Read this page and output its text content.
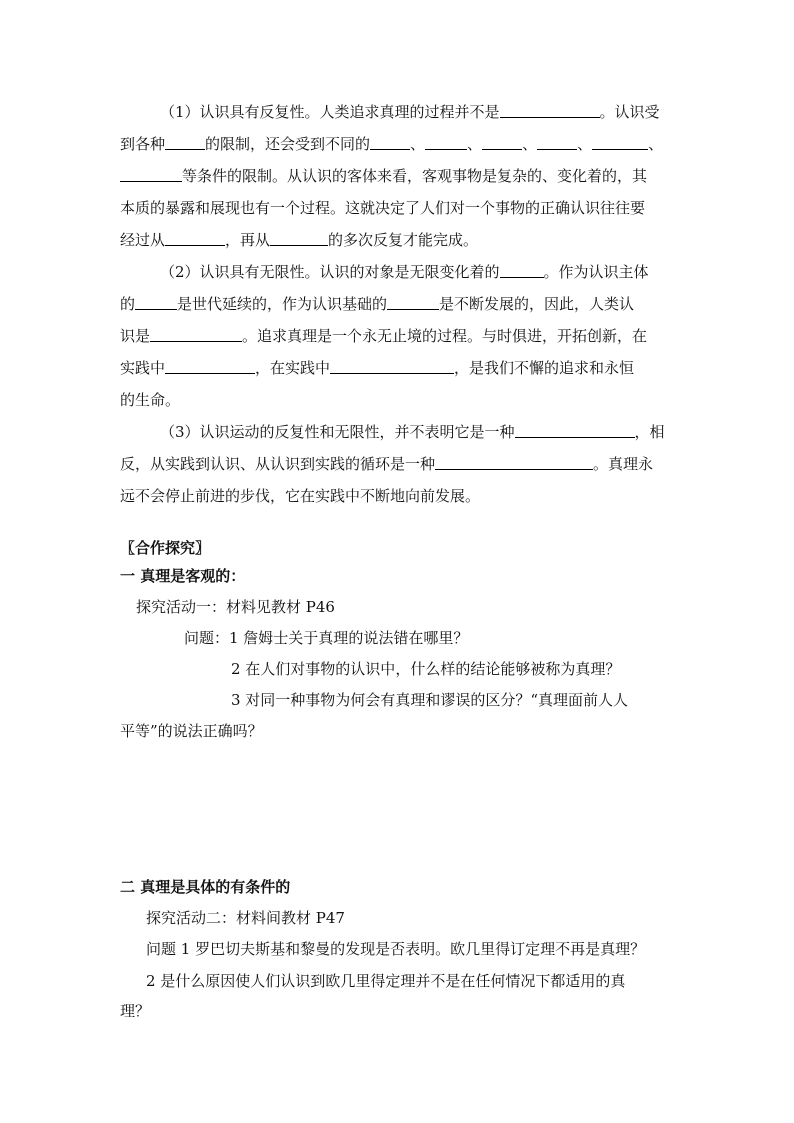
（1）认识具有反复性。人类追求真理的过程并不是	。认识受
到各种	的限制，还会受到不同的	、	、	、	、	、
等条件的限制。从认识的客体来看，客观事物是复杂的、变化着的，其
本质的暴露和展现也有一个过程。这就决定了人们对一个事物的正确认识往往要
经过从	，再从	的多次反复才能完成。
（2）认识具有无限性。认识的对象是无限变化着的	。作为认识主体
的	是世代延续的，作为认识基础的	是不断发展的，因此，人类认
识是	。追求真理是一个永无止境的过程。与时俱进，开拓创新，在
实践中	，在实践中	，是我们不懈的追求和永恒
的生命。
（3）认识运动的反复性和无限性，并不表明它是一种	，相
反，从实践到认识、从认识到实践的循环是一种	。真理永
远不会停止前进的步伐，它在实践中不断地向前发展。
〖合作探究〗
一 真理是客观的：
探究活动一：材料见教材 P46
问题：1 詹姆士关于真理的说法错在哪里？
2 在人们对事物的认识中，什么样的结论能够被称为真理？
3 对同一种事物为何会有真理和谬误的区分？“真理面前人人
平等”的说法正确吗？
二 真理是具体的有条件的
探究活动二：材料间教材 P47
问题 1 罗巴切夫斯基和黎曼的发现是否表明。欧几里得订定理不再是真理？
2 是什么原因使人们认识到欧几里得定理并不是在任何情况下都适用的真
理？
